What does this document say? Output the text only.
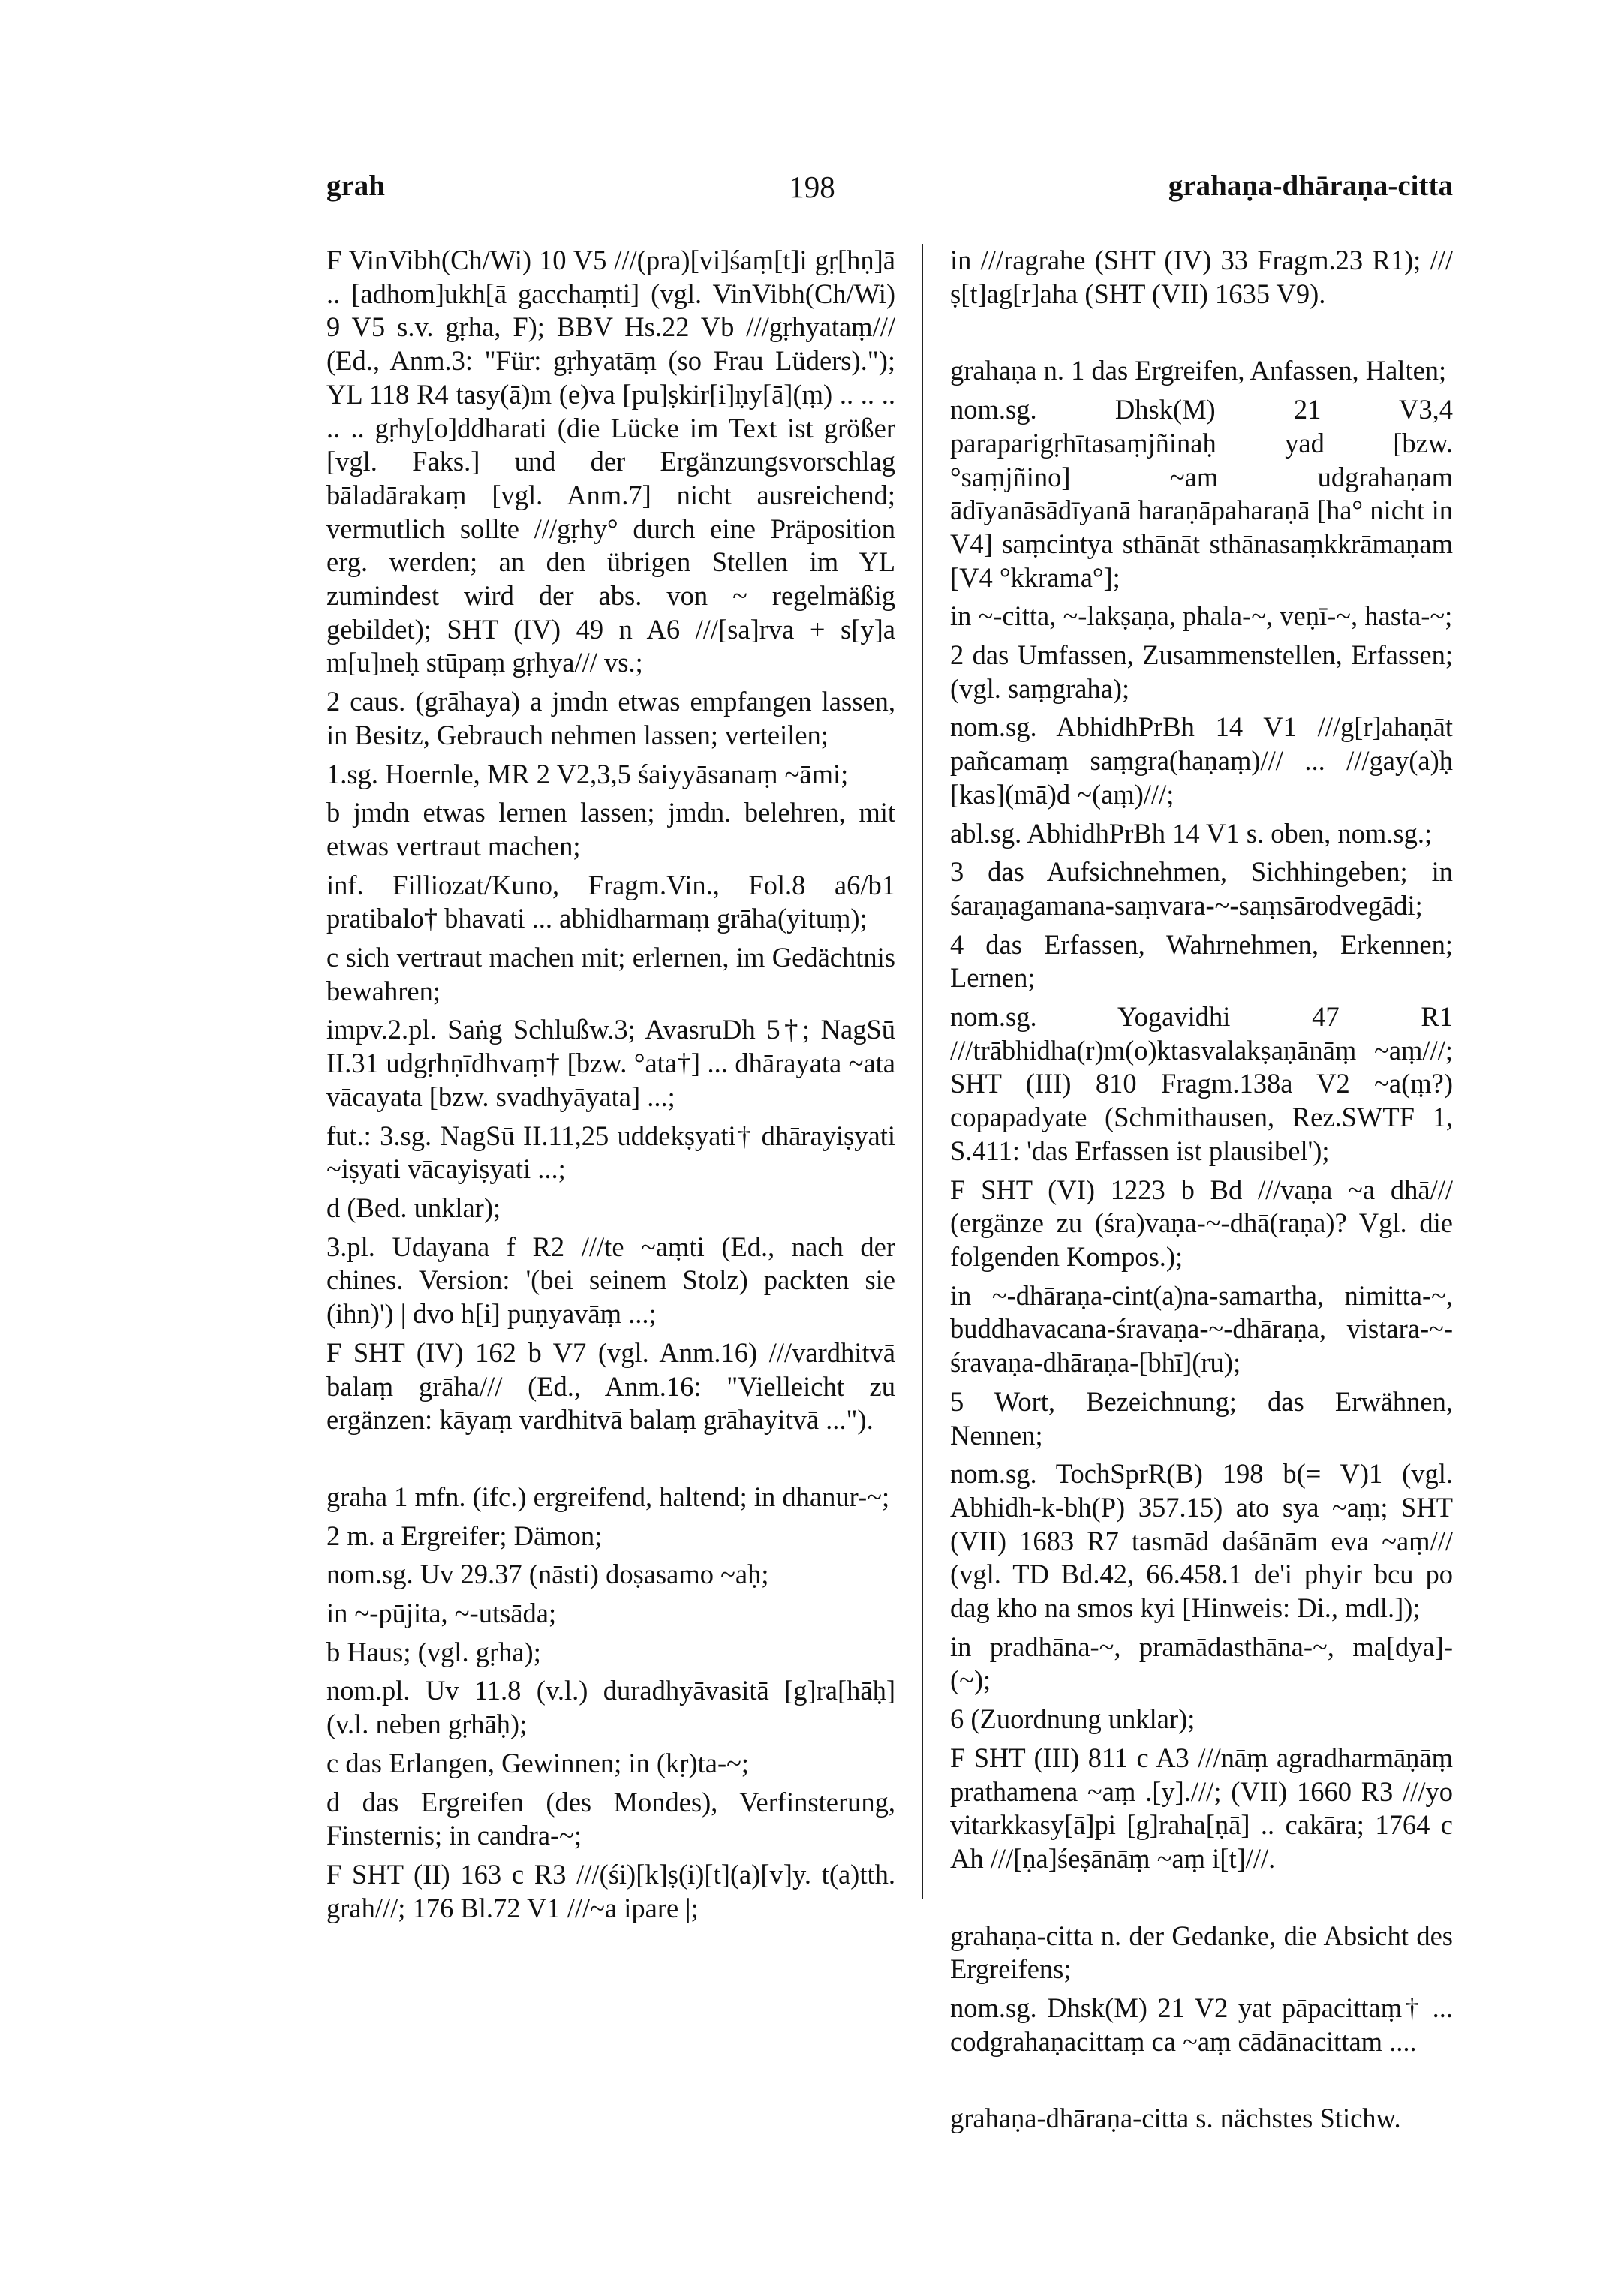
grah	198	grahaṇa-dhāraṇa-citta

F VinVibh(Ch/Wi) 10 V5 ///(pra)[vi]śaṃ[t]i gṛ[hṇ]ā .. [adhom]ukh[ā gacchaṃti] (vgl. VinVibh(Ch/Wi) 9 V5 s.v. gṛha, F); BBV Hs.22 Vb ///gṛhyataṃ/// (Ed., Anm.3: "Für: gṛhyatāṃ (so Frau Lüders)."); YL 118 R4 tasy(ā)m (e)va [pu]ṣkir[i]ṇy[ā](ṃ) .. .. .. .. .. gṛhy[o]ddharati (die Lücke im Text ist größer [vgl. Faks.] und der Ergänzungsvorschlag bāladārakaṃ [vgl. Anm.7] nicht ausreichend; vermutlich sollte ///gṛhy° durch eine Präposition erg. werden; an den übrigen Stellen im YL zumindest wird der abs. von ~ regelmäßig gebildet); SHT (IV) 49 n A6 ///[sa]rva + s[y]a m[u]neḥ stūpaṃ gṛhya/// vs.;

2 caus. (grāhaya) a jmdn etwas empfangen lassen, in Besitz, Gebrauch nehmen lassen; verteilen;

1.sg. Hoernle, MR 2 V2,3,5 śaiyyāsanaṃ ~āmi;

b jmdn etwas lernen lassen; jmdn. belehren, mit etwas vertraut machen;

inf. Filliozat/Kuno, Fragm.Vin., Fol.8 a6/b1 pratibalo† bhavati ... abhidharmaṃ grāha(yituṃ);

c sich vertraut machen mit; erlernen, im Gedächtnis bewahren;

impv.2.pl. Saṅg Schlußw.3; AvasruDh 5†; NagSū II.31 udgṛhṇīdhvaṃ† [bzw. °ata†] ... dhārayata ~ata vācayata [bzw. svadhyāyata] ...;

fut.: 3.sg. NagSū II.11,25 uddekṣyati† dhārayiṣyati ~iṣyati vācayiṣyati ...;

d (Bed. unklar);

3.pl. Udayana f R2 ///te ~aṃti (Ed., nach der chines. Version: '(bei seinem Stolz) packten sie (ihn)') | dvo h[i] puṇyavāṃ ...;

F SHT (IV) 162 b V7 (vgl. Anm.16) ///vardhitvā balaṃ grāha/// (Ed., Anm.16: "Vielleicht zu ergänzen: kāyaṃ vardhitvā balaṃ grāhayitvā ...").

graha 1 mfn. (ifc.) ergreifend, haltend; in dhanur-~;

2 m. a Ergreifer; Dämon;

nom.sg. Uv 29.37 (nāsti) doṣasamo ~aḥ;

in ~-pūjita, ~-utsāda;

b Haus; (vgl. gṛha);

nom.pl. Uv 11.8 (v.l.) duradhyāvasitā [g]ra[hāḥ] (v.l. neben gṛhāḥ);

c das Erlangen, Gewinnen; in (kṛ)ta-~;

d das Ergreifen (des Mondes), Verfinsterung, Finsternis; in candra-~;

F SHT (II) 163 c R3 ///(śi)[k]ṣ(i)[t](a)[v]y. t(a)tth. grah///; 176 Bl.72 V1 ///~a ipare |;

in ///ragrahe (SHT (IV) 33 Fragm.23 R1); ///ṣ[t]ag[r]aha (SHT (VII) 1635 V9).

grahaṇa n. 1 das Ergreifen, Anfassen, Halten;

nom.sg. Dhsk(M) 21 V3,4 paraparigṛhītasaṃjñinaḥ yad [bzw. °saṃjñino] ~am udgrahaṇam ādīyanāsādīyanā haraṇāpaharaṇā [ha° nicht in V4] saṃcintya sthānāt sthānasaṃkkrāmaṇam [V4 °kkrama°];

in ~-citta, ~-lakṣaṇa, phala-~, veṇī-~, hasta-~;

2 das Umfassen, Zusammenstellen, Erfassen; (vgl. saṃgraha);

nom.sg. AbhidhPrBh 14 V1 ///g[r]ahaṇāt pañcamaṃ saṃgra(haṇaṃ)/// ... ///gay(a)ḥ [kas](mā)d ~(aṃ)///;

abl.sg. AbhidhPrBh 14 V1 s. oben, nom.sg.;

3 das Aufsichnehmen, Sichhingeben; in śaraṇagamana-saṃvara-~-saṃsārodvegādi;

4 das Erfassen, Wahrnehmen, Erkennen; Lernen;

nom.sg. Yogavidhi 47 R1 ///trābhidha(r)m(o)ktasvalakṣaṇānāṃ ~aṃ///; SHT (III) 810 Fragm.138a V2 ~a(ṃ?) copapadyate (Schmithausen, Rez.SWTF 1, S.411: 'das Erfassen ist plausibel');

F SHT (VI) 1223 b Bd ///vaṇa ~a dhā/// (ergänze zu (śra)vaṇa-~-dhā(raṇa)? Vgl. die folgenden Kompos.);

in ~-dhāraṇa-cint(a)na-samartha, nimitta-~, buddhavacana-śravaṇa-~-dhāraṇa, vistara-~-śravaṇa-dhāraṇa-[bhī](ru);

5 Wort, Bezeichnung; das Erwähnen, Nennen;

nom.sg. TochSprR(B) 198 b(= V)1 (vgl. Abhidh-k-bh(P) 357.15) ato sya ~aṃ; SHT (VII) 1683 R7 tasmād daśānām eva ~aṃ/// (vgl. TD Bd.42, 66.458.1 de'i phyir bcu po dag kho na smos kyi [Hinweis: Di., mdl.]);

in pradhāna-~, pramādasthāna-~, ma[dya]-(~);

6 (Zuordnung unklar);

F SHT (III) 811 c A3 ///nāṃ agradharmāṇāṃ prathamena ~aṃ .[y].///; (VII) 1660 R3 ///yo vitarkkasy[ā]pi [g]raha[ṇā] .. cakāra; 1764 c Ah ///[ṇa]śeṣānāṃ ~aṃ i[t]///.

grahaṇa-citta n. der Gedanke, die Absicht des Ergreifens;

nom.sg. Dhsk(M) 21 V2 yat pāpacittaṃ† ... codgrahaṇacittaṃ ca ~aṃ cādānacittam ....

grahaṇa-dhāraṇa-citta s. nächstes Stichw.
